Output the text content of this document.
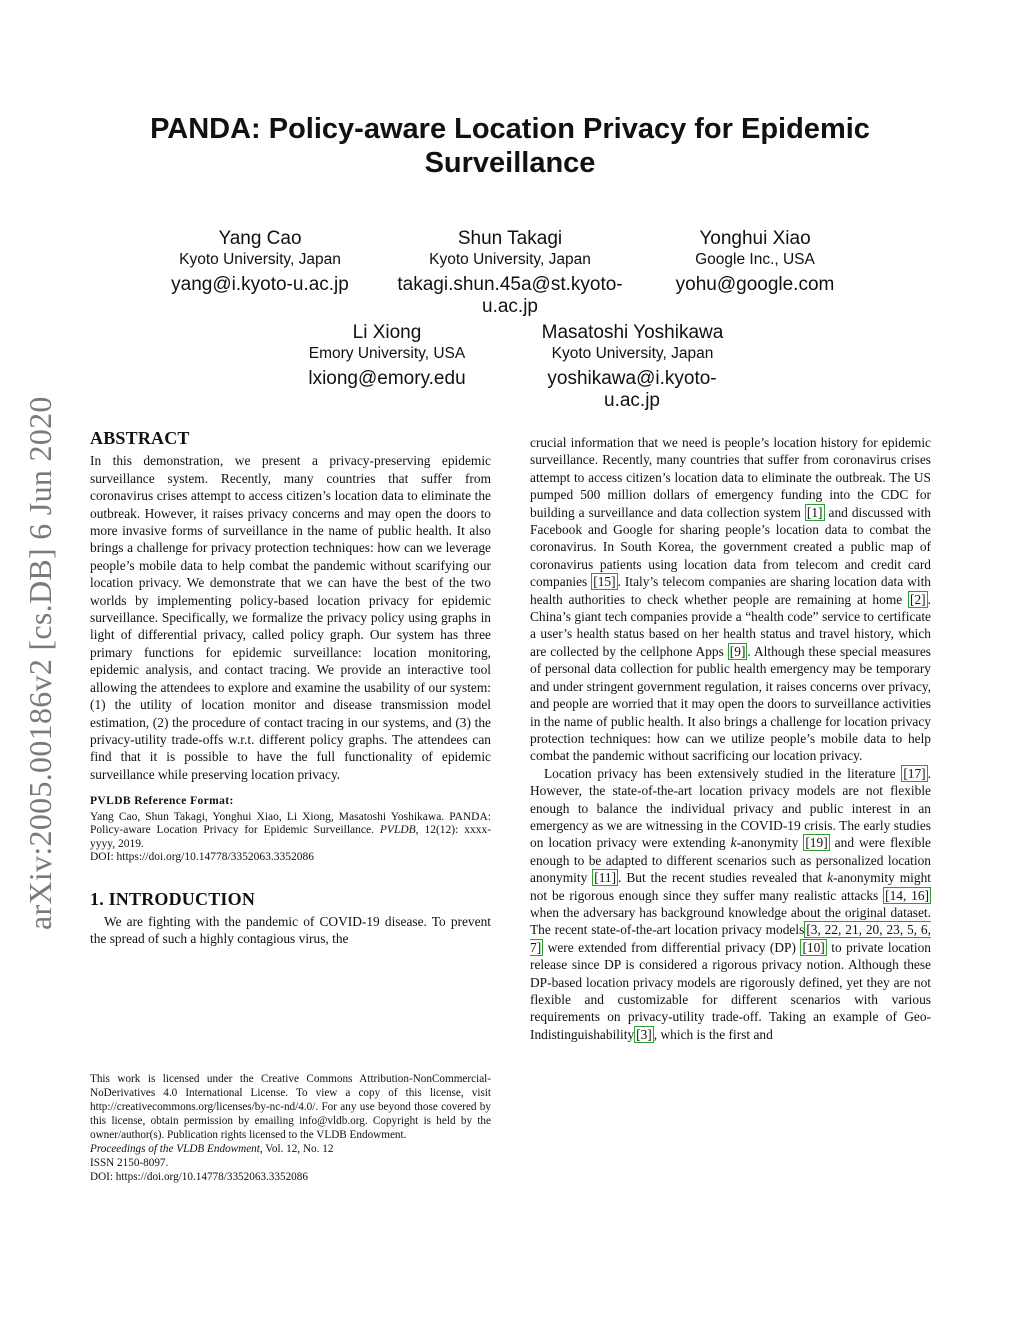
arXiv:2005.00186v2 [cs.DB] 6 Jun 2020
PANDA: Policy-aware Location Privacy for Epidemic Surveillance
Yang Cao
Kyoto University, Japan
yang@i.kyoto-u.ac.jp
Shun Takagi
Kyoto University, Japan
takagi.shun.45a@st.kyoto-u.ac.jp
Yonghui Xiao
Google Inc., USA
yohu@google.com
Li Xiong
Emory University, USA
lxiong@emory.edu
Masatoshi Yoshikawa
Kyoto University, Japan
yoshikawa@i.kyoto-u.ac.jp
ABSTRACT

In this demonstration, we present a privacy-preserving epidemic surveillance system. Recently, many countries that suffer from coronavirus crises attempt to access citizen’s location data to eliminate the outbreak. However, it raises privacy concerns and may open the doors to more invasive forms of surveillance in the name of public health. It also brings a challenge for privacy protection techniques: how can we leverage people’s mobile data to help combat the pandemic without scarifying our location privacy. We demonstrate that we can have the best of the two worlds by implementing policy-based location privacy for epidemic surveillance. Specifically, we formalize the privacy policy using graphs in light of differential privacy, called policy graph. Our system has three primary functions for epidemic surveillance: location monitoring, epidemic analysis, and contact tracing. We provide an interactive tool allowing the attendees to explore and examine the usability of our system: (1) the utility of location monitor and disease transmission model estimation, (2) the procedure of contact tracing in our systems, and (3) the privacy-utility trade-offs w.r.t. different policy graphs. The attendees can find that it is possible to have the full functionality of epidemic surveillance while preserving location privacy.

PVLDB Reference Format:
Yang Cao, Shun Takagi, Yonghui Xiao, Li Xiong, Masatoshi Yoshikawa. PANDA: Policy-aware Location Privacy for Epidemic Surveillance. PVLDB, 12(12): xxxx-yyyy, 2019.
DOI: https://doi.org/10.14778/3352063.3352086
1. INTRODUCTION

We are fighting with the pandemic of COVID-19 disease. To prevent the spread of such a highly contagious virus, the

This work is licensed under the Creative Commons Attribution-NonCommercial-NoDerivatives 4.0 International License. To view a copy of this license, visit http://creativecommons.org/licenses/by-nc-nd/4.0/. For any use beyond those covered by this license, obtain permission by emailing info@vldb.org. Copyright is held by the owner/author(s). Publication rights licensed to the VLDB Endowment.

Proceedings of the VLDB Endowment, Vol. 12, No. 12

ISSN 2150-8097.

DOI: https://doi.org/10.14778/3352063.3352086

crucial information that we need is people’s location history for epidemic surveillance. Recently, many countries that suffer from coronavirus crises attempt to access citizen’s location data to eliminate the outbreak. The US pumped 500 million dollars of emergency funding into the CDC for building a surveillance and data collection system [1] and discussed with Facebook and Google for sharing people’s location data to combat the coronavirus. In South Korea, the government created a public map of coronavirus patients using location data from telecom and credit card companies [15] . Italy’s telecom companies are sharing location data with health authorities to check whether people are remaining at home [2] . China’s giant tech companies provide a “health code” service to certificate a user’s health status based on her health status and travel history, which are collected by the cellphone Apps [9] . Although these special measures of personal data collection for public health emergency may be temporary and under stringent government regulation, it raises concerns over privacy, and people are worried that it may open the doors to surveillance activities in the name of public health. It also brings a challenge for location privacy protection techniques: how can we utilize people’s mobile data to help combat the pandemic without sacrificing our location privacy.

Location privacy has been extensively studied in the literature [17] . However, the state-of-the-art location privacy models are not flexible enough to balance the individual privacy and public interest in an emergency as we are witnessing in the COVID-19 crisis. The early studies on location privacy were extending k-anonymity [19] and were flexible enough to be adapted to different scenarios such as personalized location anonymity [11] . But the recent studies revealed that k-anonymity might not be rigorous enough since they suffer many realistic attacks [14, 16] when the adversary has background knowledge about the original dataset. The recent state-of-the-art location privacy models [3, 22, 21, 20, 23, 5, 6, 7] were extended from differential privacy (DP) [10] to private location release since DP is considered a rigorous privacy notion. Although these DP-based location privacy models are rigorously defined, yet they are not flexible and customizable for different scenarios with various requirements on privacy-utility trade-off. Taking an example of Geo-Indistinguishability [3] , which is the first and
